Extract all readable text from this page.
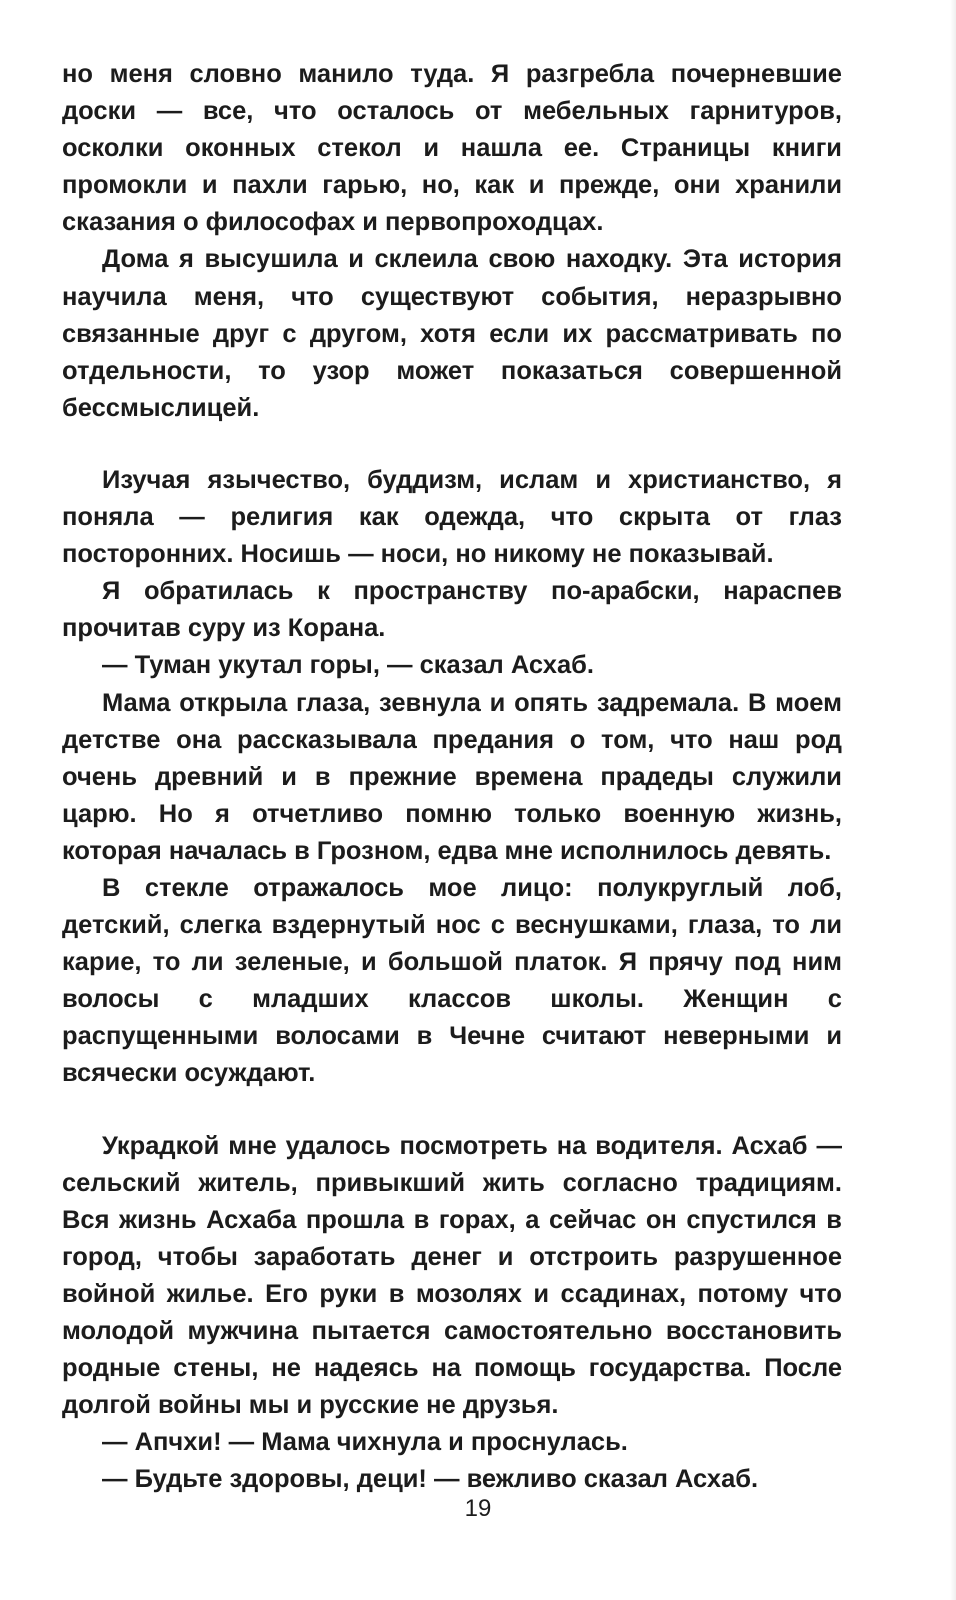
но меня словно манило туда. Я разгребла почерневшие доски — все, что осталось от мебельных гарнитуров, осколки оконных стекол и нашла ее. Страницы книги промокли и пахли гарью, но, как и прежде, они хранили сказания о философах и первопроходцах.

Дома я высушила и склеила свою находку. Эта история научила меня, что существуют события, неразрывно связанные друг с другом, хотя если их рассматривать по отдельности, то узор может показаться совершенной бессмыслицей.

Изучая язычество, буддизм, ислам и христианство, я поняла — религия как одежда, что скрыта от глаз посторонних. Носишь — носи, но никому не показывай.

Я обратилась к пространству по-арабски, нараспев прочитав суру из Корана.

— Туман укутал горы, — сказал Асхаб.

Мама открыла глаза, зевнула и опять задремала. В моем детстве она рассказывала предания о том, что наш род очень древний и в прежние времена прадеды служили царю. Но я отчетливо помню только военную жизнь, которая началась в Грозном, едва мне исполнилось девять.

В стекле отражалось мое лицо: полукруглый лоб, детский, слегка вздернутый нос с веснушками, глаза, то ли карие, то ли зеленые, и большой платок. Я прячу под ним волосы с младших классов школы. Женщин с распущенными волосами в Чечне считают неверными и всячески осуждают.

Украдкой мне удалось посмотреть на водителя. Асхаб — сельский житель, привыкший жить согласно традициям. Вся жизнь Асхаба прошла в горах, а сейчас он спустился в город, чтобы заработать денег и отстроить разрушенное войной жилье. Его руки в мозолях и ссадинах, потому что молодой мужчина пытается самостоятельно восстановить родные стены, не надеясь на помощь государства. После долгой войны мы и русские не друзья.

— Апчхи! — Мама чихнула и проснулась.

— Будьте здоровы, деци! — вежливо сказал Асхаб.

19
